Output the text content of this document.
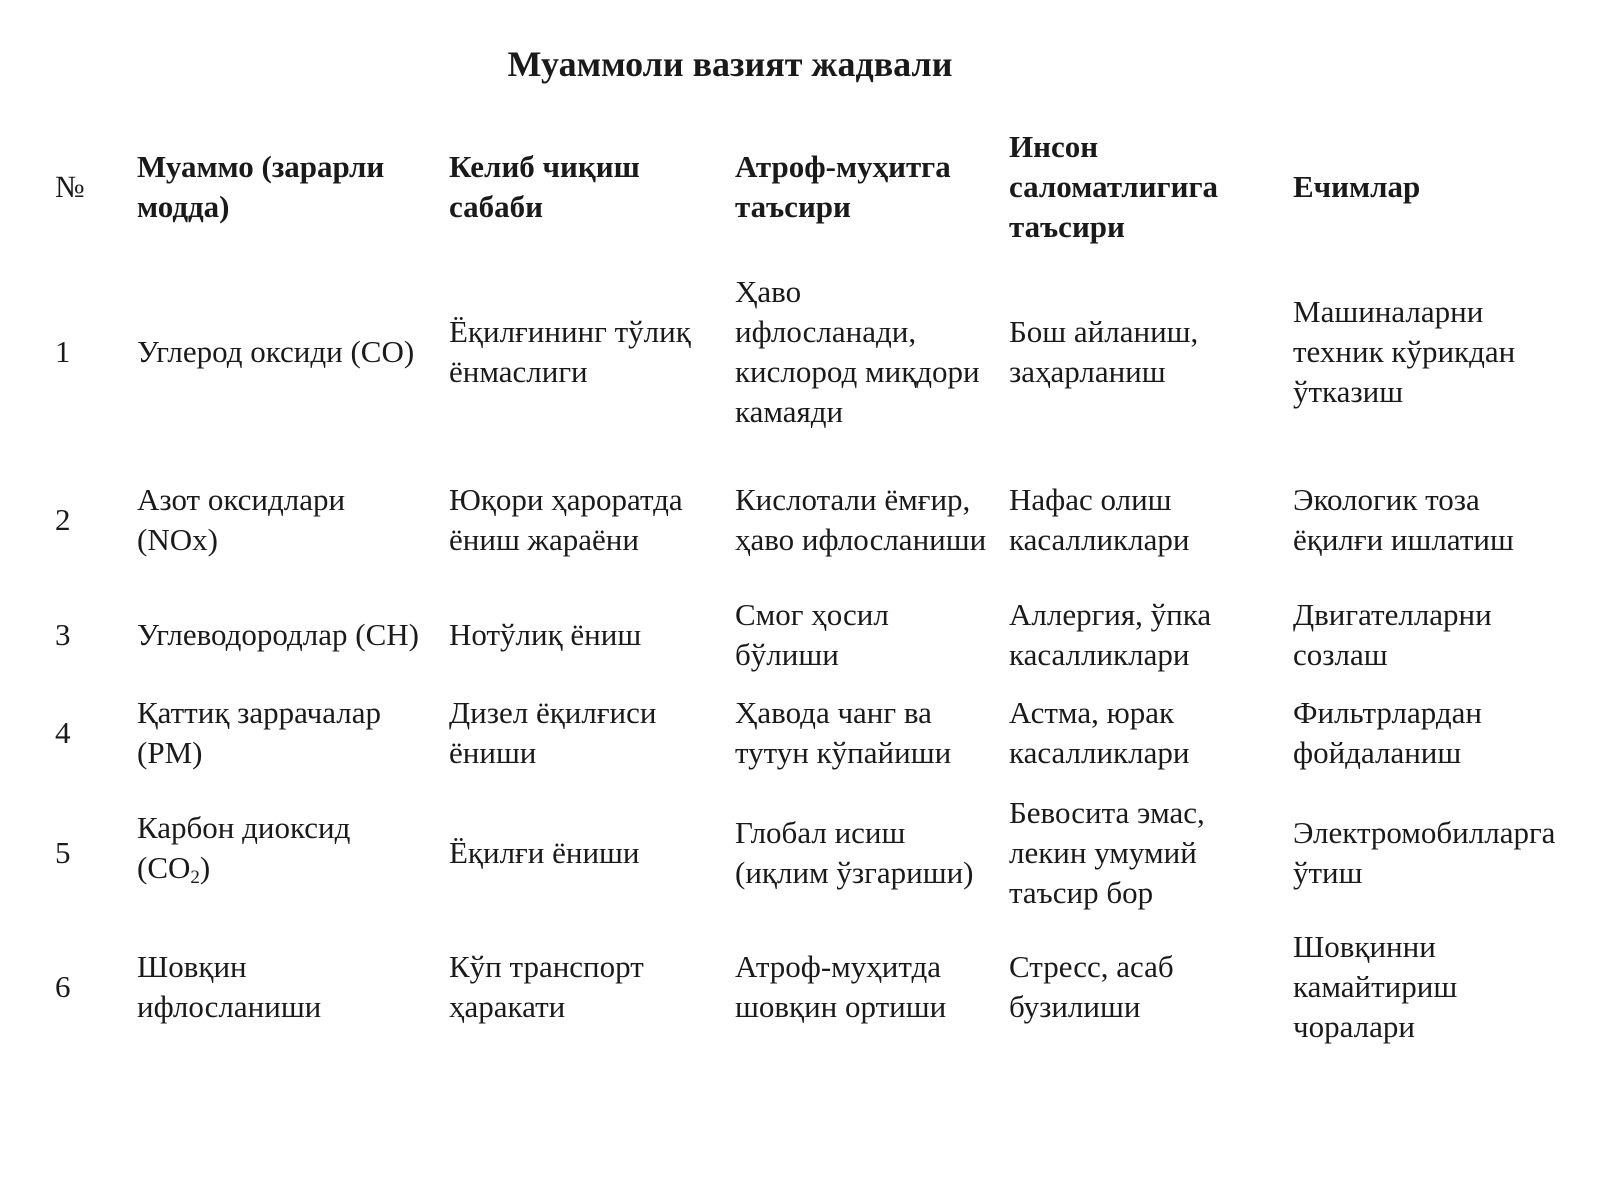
Муаммоли вазият жадвали
№	Муаммо (зарарли модда)	Келиб чиқиш сабаби	Атроф-муҳитга таъсири	Инсон саломатлигига таъсири	Ечимлар
1	Углерод оксиди (CO)	Ёқилғининг тўлиқ ёнмаслиги	Ҳаво ифлосланади, кислород миқдори камаяди	Бош айланиш, заҳарланиш	Машиналарни техник кўрикдан ўтказиш
2	Азот оксидлари (NOx)	Юқори ҳароратда ёниш жараёни	Кислотали ёмғир, ҳаво ифлосланиши	Нафас олиш касалликлари	Экологик тоза ёқилғи ишлатиш
3	Углеводородлар (CH)	Нотўлиқ ёниш	Смог ҳосил бўлиши	Аллергия, ўпка касалликлари	Двигателларни созлаш
4	Қаттиқ заррачалар (PM)	Дизел ёқилғиси ёниши	Ҳавода чанг ва тутун кўпайиши	Астма, юрак касалликлари	Фильтрлардан фойдаланиш
5	Карбон диоксид $(CO_2)$	Ёқилғи ёниши	Глобал исиш (иқлим ўзгариши)	Бевосита эмас, лекин умумий таъсир бор	Электромобилларга ўтиш
6	Шовқин ифлосланиши	Кўп транспорт ҳаракати	Атроф-муҳитда шовқин ортиши	Стресс, асаб бузилиши	Шовқинни камайтириш чоралари
